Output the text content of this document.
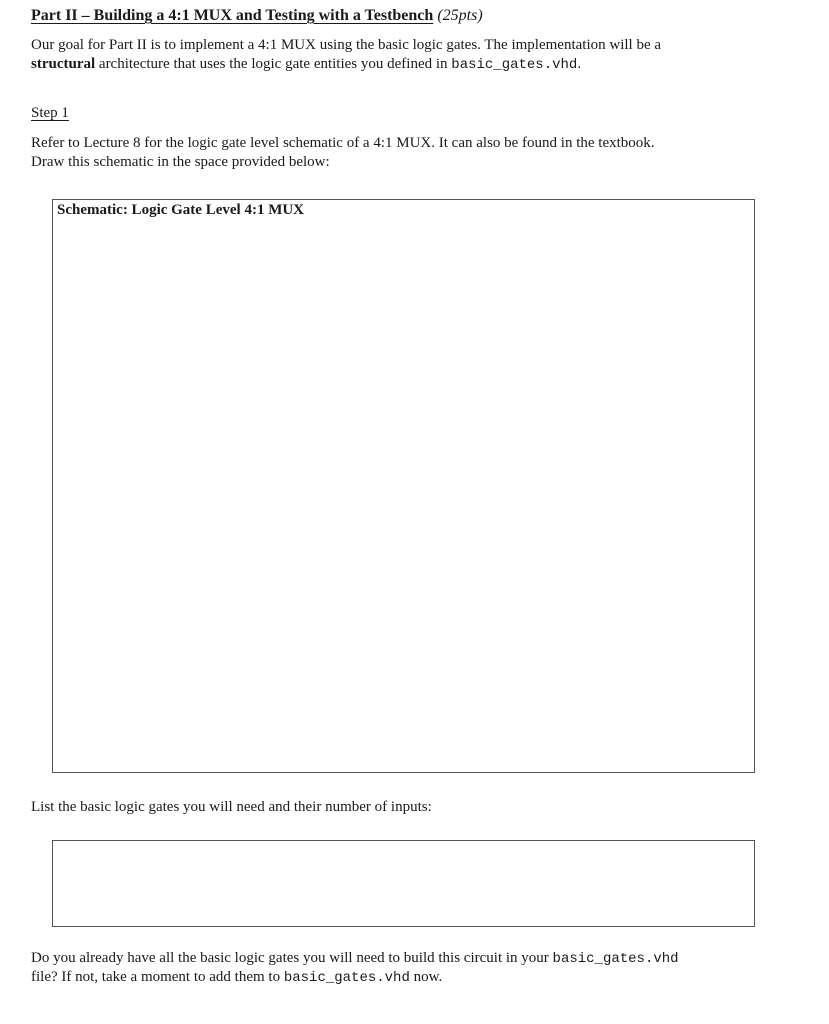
Part II – Building a 4:1 MUX and Testing with a Testbench (25pts)
Our goal for Part II is to implement a 4:1 MUX using the basic logic gates. The implementation will be a
structural architecture that uses the logic gate entities you defined in basic_gates.vhd.
Step 1
Refer to Lecture 8 for the logic gate level schematic of a 4:1 MUX. It can also be found in the textbook.
Draw this schematic in the space provided below:
Schematic: Logic Gate Level 4:1 MUX
List the basic logic gates you will need and their number of inputs:
Do you already have all the basic logic gates you will need to build this circuit in your basic_gates.vhd
file? If not, take a moment to add them to basic_gates.vhd now.
